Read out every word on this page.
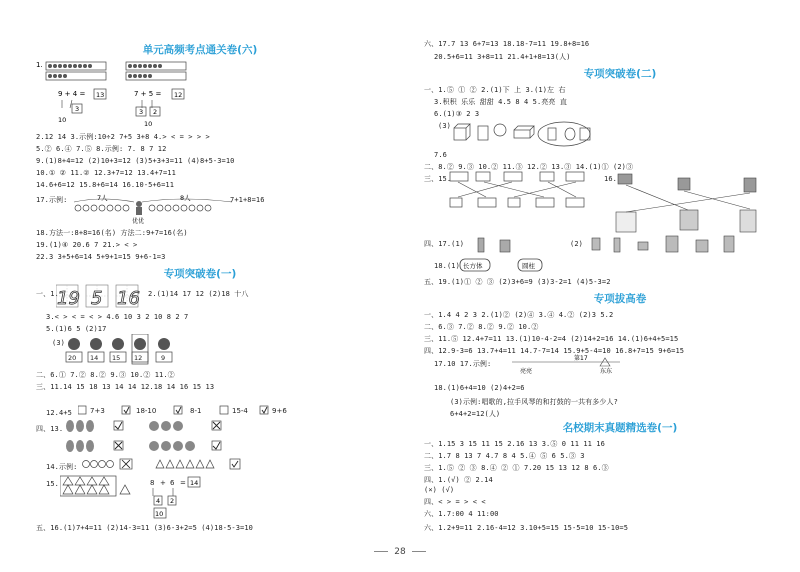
单元高频考点通关卷(六)
1.
9 + 4 = 13	7 + 5 = 12
3
10
3 2
10
2.12 14 3.示例:10÷2 7+5 3+8 4.> < = > > >
5.② 6.④ 7.⑤ 8.示例: 7. 8 7 12
9.(1)8+4=12 (2)10+3=12 (3)5+3+3=11 (4)8+5-3=10
10.① ② 11.② 12.3+7=12 13.4+7=11
14.6+6=12 15.8+6=14 16.10-5+6=11
17.示例:	7人	8人
优优
7+1+8=16
18.方法一:8+8=16(名) 方法二:9+7=16(名)
19.(1)④ 20.6 7 21.> < >
22.3 3+5+6=14 5+9+1=15 9+6-1=3
专项突破卷(一)
一、1.
19 5 16 2.(1)14 17 12 (2)18 十八
3.< > < = < > 4.6 10 3 2 10 8 2 7
5.(1)6 5 (2)17
(3)
20 14 15 12	9
二、6.① 7.② 8.② 9.③ 10.② 11.②
三、11.14 15 18 13 14 14 12.18 14 16 15 13
12.4+5	7+3	18-10	8-1	15-4	9+6
四、13.
14.示例:
15.	8 + 6 = 14
4 2
10
五、16.(1)7+4=11 (2)14-3=11 (3)6-3+2=5 (4)18-5-3=10
六、17.7 13 6+7=13 18.18-7=11 19.8+8=16
20.5+6=11 3+8=11 21.4+1+8=13(人)
专项突破卷(二)
一、1.⑤ ① ② 2.(1)下 上 3.(1)左 右
3.积积 乐乐 甜甜 4.5 8 4 5.亮亮 直
6.(1)③ 2 3
(3)
7.6
二、8.② 9.③ 10.② 11.③ 12.② 13.③ 14.(1)① (2)③
三、15.	16.
四、17.(1)	(2)
18.(1) 长方体	圆柱
五、19.(1)① ② ③ (2)3+6=9 (3)3-2=1 (4)5-3=2
专项拔高卷
一、1.4 4 2 3 2.(1)② (2)④ 3.④ 4.② (2)3 5.2
二、6.③ 7.② 8.② 9.② 10.②
三、11.⑤ 12.4+7=11 13.(1)10-4-2=4 (2)14+2=16 14.(1)6+4+5=15
四、12.9-3=6 13.7+4=11 14.7-7=14 15.9+5-4=10 16.8+7=15 9+6=15
17.10 17.示例:
第17
东东
亮亮
18.(1)6+4=10 (2)4+2=6
(3)示例:唱歌的,拉手风琴的和打鼓的一共有多少人?
6+4+2=12(人)
名校期末真题精选卷(一)
一、1.15 3 15 11 15 2.16 13 3.⑤ 0 11 11 16
二、1.7 8 13 7 4.7 8 4 5.④ ⑤ 6 5.③ 3
三、1.⑤ ② ③ 8.④ ② ① 7.20 15 13 12 8 6.③
四、1.(√) ② 2.14
(×) (√)
四、< > = > < <
六、1.7:00 4 11:00
六、1.2+9=11 2.16-4=12 3.10+5=15 15-5=10 15-10=5
28
